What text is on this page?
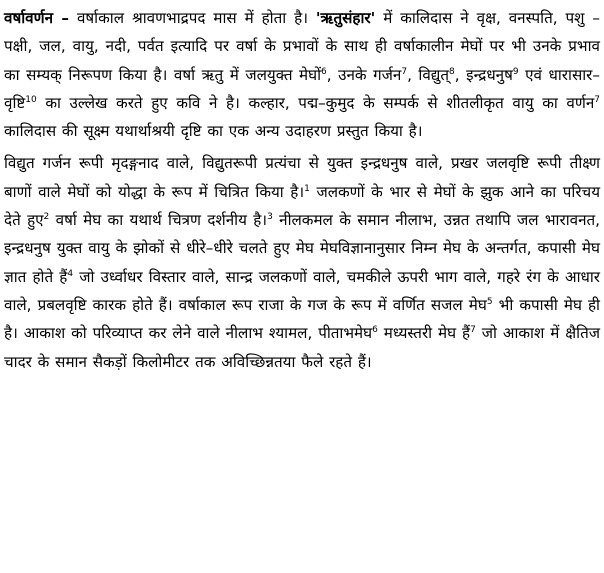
वर्षावर्णन – वर्षाकाल श्रावणभाद्रपद मास में होता है। 'ऋतुसंहार' में कालिदास ने वृक्ष, वनस्पति, पशु – पक्षी, जल, वायु, नदी, पर्वत इत्यादि पर वर्षा के प्रभावों के साथ ही वर्षाकालीन मेघों पर भी उनके प्रभाव का सम्यक् निरूपण किया है। वर्षा ऋतु में जलयुक्त मेघों$^6$, उनके गर्जन$^7$, विद्युत्$^8$, इन्द्रधनुष$^9$ एवं धारासार–वृष्टि$^{10}$ का उल्लेख करते हुए कवि ने है। कल्हार, पद्म–कुमुद के सम्पर्क से शीतलीकृत वायु का वर्णन$^7$ कालिदास की सूक्ष्म यथार्थाश्रयी दृष्टि का एक अन्य उदाहरण प्रस्तुत किया है।

विद्युत गर्जन रूपी मृदङ्गनाद वाले, विद्युतरूपी प्रत्यंचा से युक्त इन्द्रधनुष वाले, प्रखर जलवृष्टि रूपी तीक्ष्ण बाणों वाले मेघों को योद्धा के रूप में चित्रित किया है।$^1$ जलकणों के भार से मेघों के झुक आने का परिचय देते हुए$^2$ वर्षा मेघ का यथार्थ चित्रण दर्शनीय है।$^3$ नीलकमल के समान नीलाभ, उन्नत तथापि जल भारावनत, इन्द्रधनुष युक्त वायु के झोकों से धीरे–धीरे चलते हुए मेघ मेघविज्ञानानुसार निम्न मेघ के अन्तर्गत, कपासी मेघ ज्ञात होते हैं$^4$ जो उर्ध्वाधर विस्तार वाले, सान्द्र जलकणों वाले, चमकीले ऊपरी भाग वाले, गहरे रंग के आधार वाले, प्रबलवृष्टि कारक होते हैं। वर्षाकाल रूप राजा के गज के रूप में वर्णित सजल मेघ$^5$ भी कपासी मेघ ही है। आकाश को परिव्याप्त कर लेने वाले नीलाभ श्यामल, पीताभमेघ$^6$ मध्यस्तरी मेघ हैं$^7$ जो आकाश में क्षैतिज चादर के समान सैकड़ों किलोमीटर तक अविच्छिन्नतया फैले रहते हैं।
